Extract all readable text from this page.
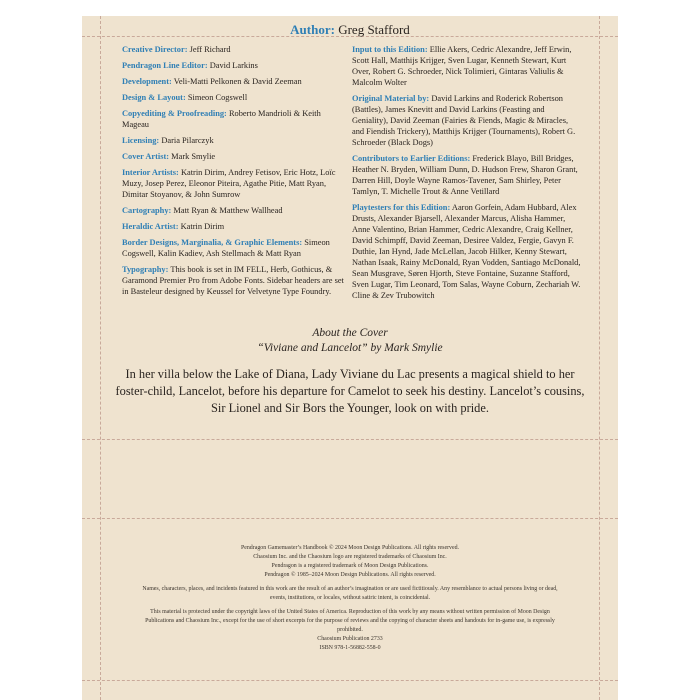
Author: Greg Stafford
Creative Director: Jeff Richard
Pendragon Line Editor: David Larkins
Development: Veli-Matti Pelkonen & David Zeeman
Design & Layout: Simeon Cogswell
Copyediting & Proofreading: Roberto Mandrioli & Keith Mageau
Licensing: Daria Pilarczyk
Cover Artist: Mark Smylie
Interior Artists: Katrin Dirim, Andrey Fetisov, Eric Hotz, Loïc Muzy, Josep Perez, Eleonor Piteira, Agathe Pitie, Matt Ryan, Dimitar Stoyanov, & John Sumrow
Cartography: Matt Ryan & Matthew Wallhead
Heraldic Artist: Katrin Dirim
Border Designs, Marginalia, & Graphic Elements: Simeon Cogswell, Kalin Kadiev, Ash Stellmach & Matt Ryan
Typography: This book is set in IM FELL, Herb, Gothicus, & Garamond Premier Pro from Adobe Fonts. Sidebar headers are set in Basteleur designed by Keussel for Velvetyne Type Foundry.
Input to this Edition: Ellie Akers, Cedric Alexandre, Jeff Erwin, Scott Hall, Matthijs Krijger, Sven Lugar, Kenneth Stewart, Kurt Over, Robert G. Schroeder, Nick Tolimieri, Gintaras Valiulis & Malcolm Wolter
Original Material by: David Larkins and Roderick Robertson (Battles), James Knevitt and David Larkins (Feasting and Geniality), David Zeeman (Fairies & Fiends, Magic & Miracles, and Fiendish Trickery), Matthijs Krijger (Tournaments), Robert G. Schroeder (Black Dogs)
Contributors to Earlier Editions: Frederick Blayo, Bill Bridges, Heather N. Bryden, William Dunn, D. Hudson Frew, Sharon Grant, Darren Hill, Doyle Wayne Ramos-Tavener, Sam Shirley, Peter Tamlyn, T. Michelle Trout & Anne Vetillard
Playtesters for this Edition: Aaron Gorfein, Adam Hubbard, Alex Drusts, Alexander Bjarsell, Alexander Marcus, Alisha Hammer, Anne Valentino, Brian Hammer, Cedric Alexandre, Craig Kellner, David Schimpff, David Zeeman, Desiree Valdez, Fergie, Gavyn F. Duthie, Ian Hynd, Jade McLellan, Jacob Hilker, Kenny Stewart, Nathan Isaak, Rainy McDonald, Ryan Vodden, Santiago McDonald, Sean Musgrave, Søren Hjorth, Steve Fontaine, Suzanne Stafford, Sven Lugar, Tim Leonard, Tom Salas, Wayne Coburn, Zechariah W. Cline & Zev Trubowitch
About the Cover
“Viviane and Lancelot” by Mark Smylie
In her villa below the Lake of Diana, Lady Viviane du Lac presents a magical shield to her foster-child, Lancelot, before his departure for Camelot to seek his destiny. Lancelot’s cousins, Sir Lionel and Sir Bors the Younger, look on with pride.

Pendragon Gamemaster’s Handbook © 2024 Moon Design Publications. All rights reserved.

Chaosium Inc. and the Chaosium logo are registered trademarks of Chaosium Inc.

Pendragon is a registered trademark of Moon Design Publications.

Pendragon © 1985–2024 Moon Design Publications. All rights reserved.

Names, characters, places, and incidents featured in this work are the result of an author’s imagination or are used fictitiously. Any resemblance to actual persons living or dead, events, institutions, or locales, without satiric intent, is coincidental.

This material is protected under the copyright laws of the United States of America. Reproduction of this work by any means without written permission of Moon Design Publications and Chaosium Inc., except for the use of short excerpts for the purpose of reviews and the copying of character sheets and handouts for in-game use, is expressly prohibited.

Chaosium Publication 2733

ISBN 978-1-56882-558-0
